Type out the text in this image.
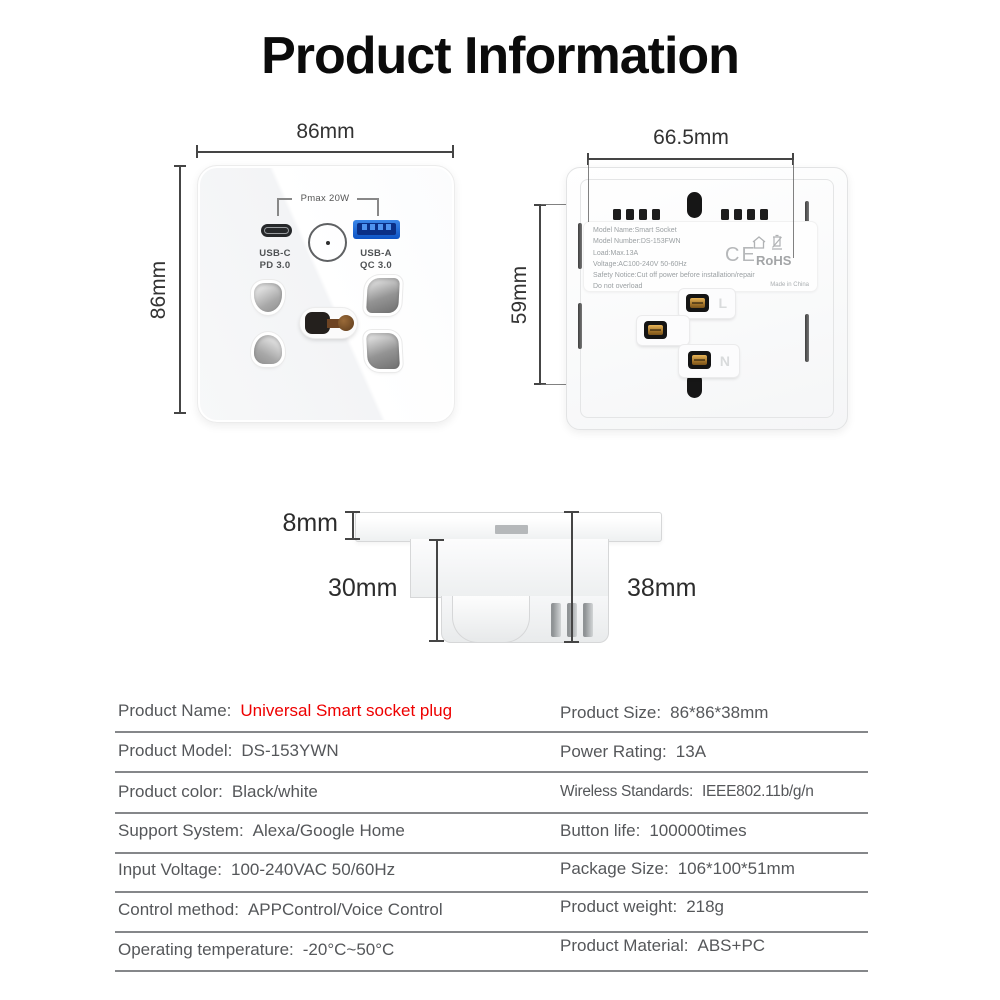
Product Information
86mm
86mm
Pmax 20W
USB-C
PD 3.0
USB-A
QC 3.0
66.5mm
59mm
Model Name:Smart Socket
Model Number:DS-153FWN
Load:Max.13A
Voltage:AC100-240V 50-60Hz
Safety Notice:Cut off power before installation/repair
Do not overload
CE RoHS
Made in China
L
N
8mm
30mm	38mm
Product Name: Universal Smart socket plug
Product Model: DS-153YWN
Product color: Black/white
Support System: Alexa/Google Home
Input Voltage: 100-240VAC 50/60Hz
Control method: APPControl/Voice Control
Operating temperature: -20°C~50°C
Product Size: 86*86*38mm
Power Rating: 13A
Wireless Standards: IEEE802.11b/g/n
Button life: 100000times
Package Size: 106*100*51mm
Product weight: 218g
Product Material: ABS+PC
